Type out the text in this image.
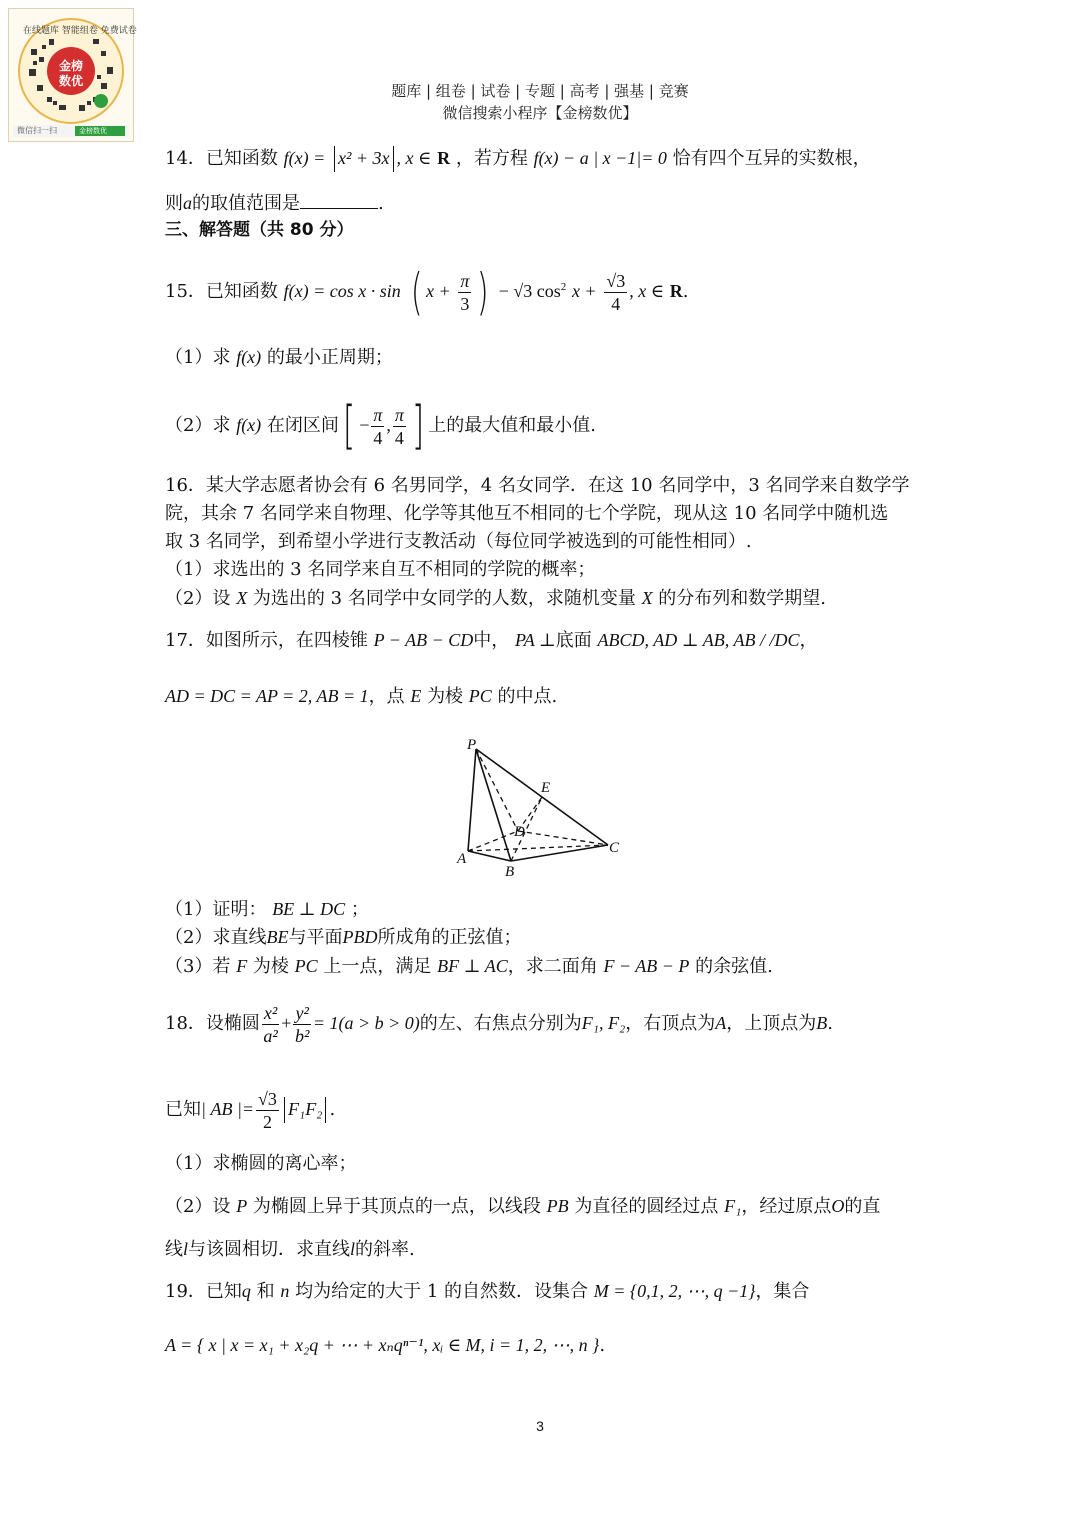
在线题库 智能组卷 免费试卷
金榜
数优
微信扫一扫	金榜数优
题库 | 组卷 | 试卷 | 专题 | 高考 | 强基 | 竞赛
微信搜索小程序【金榜数优】
14．已知函数 f(x) = x² + 3x , x ∈ R ，若方程 f(x) − a | x −1|= 0 恰有四个互异的实数根，
则a的取值范围是	.
三、解答题（共 80 分）
15．已知函数 f(x) = cos x · sin ( $x + \frac{\pi}{3}$ ) − √3 $\cos^2 x + \frac{√3}{4}$ , x ∈ R.
（1）求 f(x) 的最小正周期；
（2）求 f(x) 在闭区间[ − $\frac{\pi}{4}$ , $\frac{\pi}{4}$ ] 上的最大值和最小值.
16．某大学志愿者协会有 6 名男同学，4 名女同学．在这 10 名同学中，3 名同学来自数学学
院，其余 7 名同学来自物理、化学等其他互不相同的七个学院，现从这 10 名同学中随机选
取 3 名同学，到希望小学进行支教活动（每位同学被选到的可能性相同）.
（1）求选出的 3 名同学来自互不相同的学院的概率；
（2）设 X 为选出的 3 名同学中女同学的人数，求随机变量 X 的分布列和数学期望.
17．如图所示，在四棱锥 P − AB − CD中， PA ⊥底面 ABCD, AD ⊥ AB, AB / /DC，
AD = DC = AP = 2, AB = 1，点 E 为棱 PC 的中点.
P
E
D
C
A
B
（1）证明： BE ⊥ DC ；
（2）求直线BE与平面PBD所成角的正弦值；
（3）若 F 为棱 PC 上一点，满足 BF ⊥ AC，求二面角 F − AB − P 的余弦值.
18．设椭圆 $\frac{\text{x²}}{\text{a²}} + \frac{\text{y²}}{\text{b²}} = 1(a > b > 0)$的左、右焦点分别为F₁, F₂，右顶点为A，上顶点为B.
已知| AB |= $\frac{√3}{2} F_1F_2$ .
（1）求椭圆的离心率；
（2）设 P 为椭圆上异于其顶点的一点，以线段 PB 为直径的圆经过点 F₁，经过原点O的直
线l与该圆相切．求直线l的斜率.
19．已知q 和 n 均为给定的大于 1 的自然数．设集合 M = {0,1, 2, ⋯, q −1}，集合
A = { x | x = x₁ + x₂q + ⋯ + xₙqⁿ⁻¹, xᵢ ∈ M, i = 1, 2, ⋯, n }.
3
